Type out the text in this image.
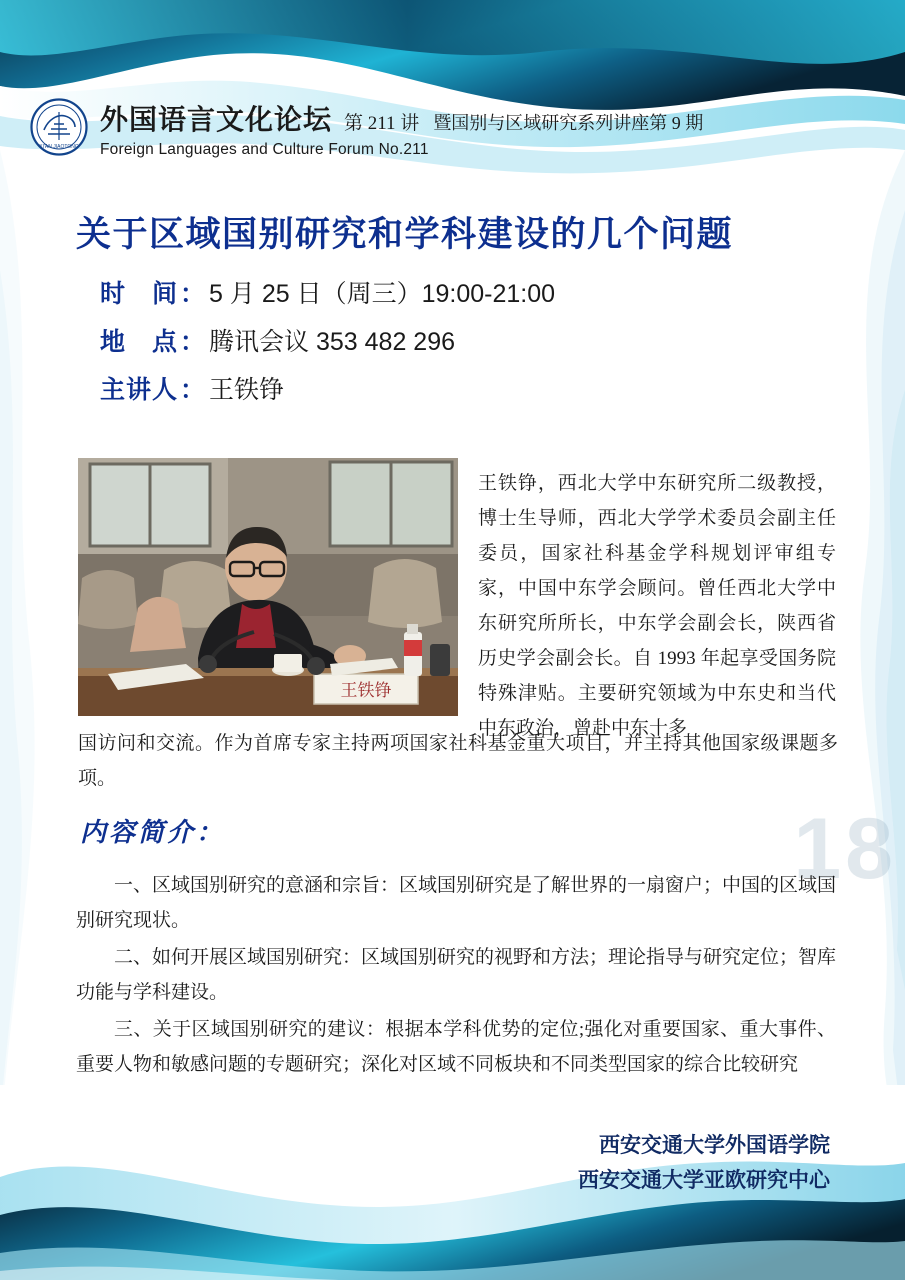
18
XI'AN JIAOTONG
外国语言文化论坛 第 211 讲 暨国别与区域研究系列讲座第 9 期
Foreign Languages and Culture Forum No.211
关于区域国别研究和学科建设的几个问题
时　间 ： 5 月 25 日（周三）19:00-21:00
地　点 ： 腾讯会议 353 482 296
主讲人 ： 王铁铮
王铁铮
王铁铮，西北大学中东研究所二级教授，博士生导师，西北大学学术委员会副主任委员，国家社科基金学科规划评审组专家，中国中东学会顾问。曾任西北大学中东研究所所长，中东学会副会长，陕西省历史学会副会长。自 1993 年起享受国务院特殊津贴。主要研究领域为中东史和当代中东政治，曾赴中东十多
国访问和交流。作为首席专家主持两项国家社科基金重大项目，并主持其他国家级课题多项。
内容简介：

一、区域国别研究的意涵和宗旨：区域国别研究是了解世界的一扇窗户；中国的区域国别研究现状。

二、如何开展区域国别研究：区域国别研究的视野和方法；理论指导与研究定位；智库功能与学科建设。

三、关于区域国别研究的建议：根据本学科优势的定位;强化对重要国家、重大事件、重要人物和敏感问题的专题研究；深化对区域不同板块和不同类型国家的综合比较研究

西安交通大学外国语学院
西安交通大学亚欧研究中心
